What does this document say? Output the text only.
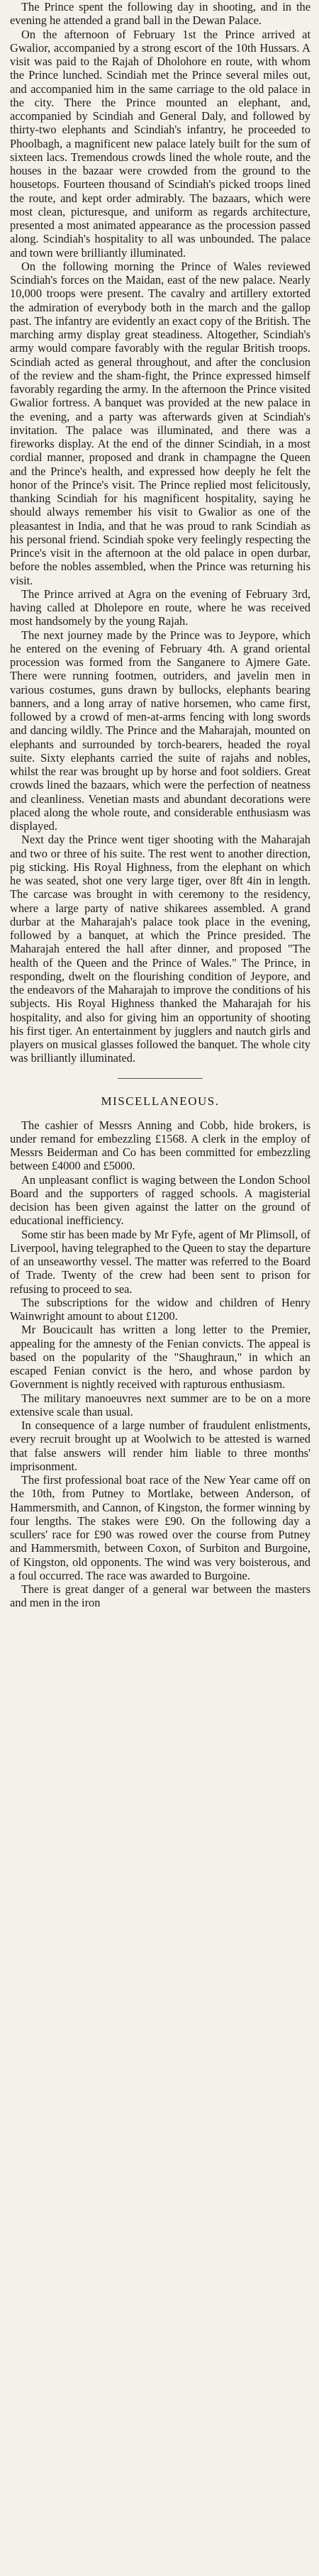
The Prince spent the following day in shooting, and in the evening he attended a grand ball in the Dewan Palace.

On the afternoon of February 1st the Prince arrived at Gwalior, accompanied by a strong escort of the 10th Hussars. A visit was paid to the Rajah of Dholohore en route, with whom the Prince lunched. Scindiah met the Prince several miles out, and accompanied him in the same carriage to the old palace in the city. There the Prince mounted an elephant, and, accompanied by Scindiah and General Daly, and followed by thirty-two elephants and Scindiah's infantry, he proceeded to Phoolbagh, a magnificent new palace lately built for the sum of sixteen lacs. Tremendous crowds lined the whole route, and the houses in the bazaar were crowded from the ground to the housetops. Fourteen thousand of Scindiah's picked troops lined the route, and kept order admirably. The bazaars, which were most clean, picturesque, and uniform as regards architecture, presented a most animated appearance as the procession passed along. Scindiah's hospitality to all was unbounded. The palace and town were brilliantly illuminated.

On the following morning the Prince of Wales reviewed Scindiah's forces on the Maidan, east of the new palace. Nearly 10,000 troops were present. The cavalry and artillery extorted the admiration of everybody both in the march and the gallop past. The infantry are evidently an exact copy of the British. The marching army display great steadiness. Altogether, Scindiah's army would compare favorably with the regular British troops. Scindiah acted as general throughout, and after the conclusion of the review and the sham-fight, the Prince expressed himself favorably regarding the army. In the afternoon the Prince visited Gwalior fortress. A banquet was provided at the new palace in the evening, and a party was afterwards given at Scindiah's invitation. The palace was illuminated, and there was a fireworks display. At the end of the dinner Scindiah, in a most cordial manner, proposed and drank in champagne the Queen and the Prince's health, and expressed how deeply he felt the honor of the Prince's visit. The Prince replied most felicitously, thanking Scindiah for his magnificent hospitality, saying he should always remember his visit to Gwalior as one of the pleasantest in India, and that he was proud to rank Scindiah as his personal friend. Scindiah spoke very feelingly respecting the Prince's visit in the afternoon at the old palace in open durbar, before the nobles assembled, when the Prince was returning his visit.

The Prince arrived at Agra on the evening of February 3rd, having called at Dholepore en route, where he was received most handsomely by the young Rajah.

The next journey made by the Prince was to Jeypore, which he entered on the evening of February 4th. A grand oriental procession was formed from the Sanganere to Ajmere Gate. There were running footmen, outriders, and javelin men in various costumes, guns drawn by bullocks, elephants bearing banners, and a long array of native horsemen, who came first, followed by a crowd of men-at-arms fencing with long swords and dancing wildly. The Prince and the Maharajah, mounted on elephants and surrounded by torch-bearers, headed the royal suite. Sixty elephants carried the suite of rajahs and nobles, whilst the rear was brought up by horse and foot soldiers. Great crowds lined the bazaars, which were the perfection of neatness and cleanliness. Venetian masts and abundant decorations were placed along the whole route, and considerable enthusiasm was displayed.

Next day the Prince went tiger shooting with the Maharajah and two or three of his suite. The rest went to another direction, pig sticking. His Royal Highness, from the elephant on which he was seated, shot one very large tiger, over 8ft 4in in length. The carcase was brought in with ceremony to the residency, where a large party of native shikarees assembled. A grand durbar at the Maharajah's palace took place in the evening, followed by a banquet, at which the Prince presided. The Maharajah entered the hall after dinner, and proposed "The health of the Queen and the Prince of Wales." The Prince, in responding, dwelt on the flourishing condition of Jeypore, and the endeavors of the Maharajah to improve the conditions of his subjects. His Royal Highness thanked the Maharajah for his hospitality, and also for giving him an opportunity of shooting his first tiger. An entertainment by jugglers and nautch girls and players on musical glasses followed the banquet. The whole city was brilliantly illuminated.

MISCELLANEOUS.

The cashier of Messrs Anning and Cobb, hide brokers, is under remand for embezzling £1568. A clerk in the employ of Messrs Beiderman and Co has been committed for embezzling between £4000 and £5000.

An unpleasant conflict is waging between the London School Board and the supporters of ragged schools. A magisterial decision has been given against the latter on the ground of educational inefficiency.

Some stir has been made by Mr Fyfe, agent of Mr Plimsoll, of Liverpool, having telegraphed to the Queen to stay the departure of an unseaworthy vessel. The matter was referred to the Board of Trade. Twenty of the crew had been sent to prison for refusing to proceed to sea.

The subscriptions for the widow and children of Henry Wainwright amount to about £1200.

Mr Boucicault has written a long letter to the Premier, appealing for the amnesty of the Fenian convicts. The appeal is based on the popularity of the "Shaughraun," in which an escaped Fenian convict is the hero, and whose pardon by Government is nightly received with rapturous enthusiasm.

The military manoeuvres next summer are to be on a more extensive scale than usual.

In consequence of a large number of fraudulent enlistments, every recruit brought up at Woolwich to be attested is warned that false answers will render him liable to three months' imprisonment.

The first professional boat race of the New Year came off on the 10th, from Putney to Mortlake, between Anderson, of Hammersmith, and Cannon, of Kingston, the former winning by four lengths. The stakes were £90. On the following day a scullers' race for £90 was rowed over the course from Putney and Hammersmith, between Coxon, of Surbiton and Burgoine, of Kingston, old opponents. The wind was very boisterous, and a foul occurred. The race was awarded to Burgoine.

There is great danger of a general war between the masters and men in the iron
